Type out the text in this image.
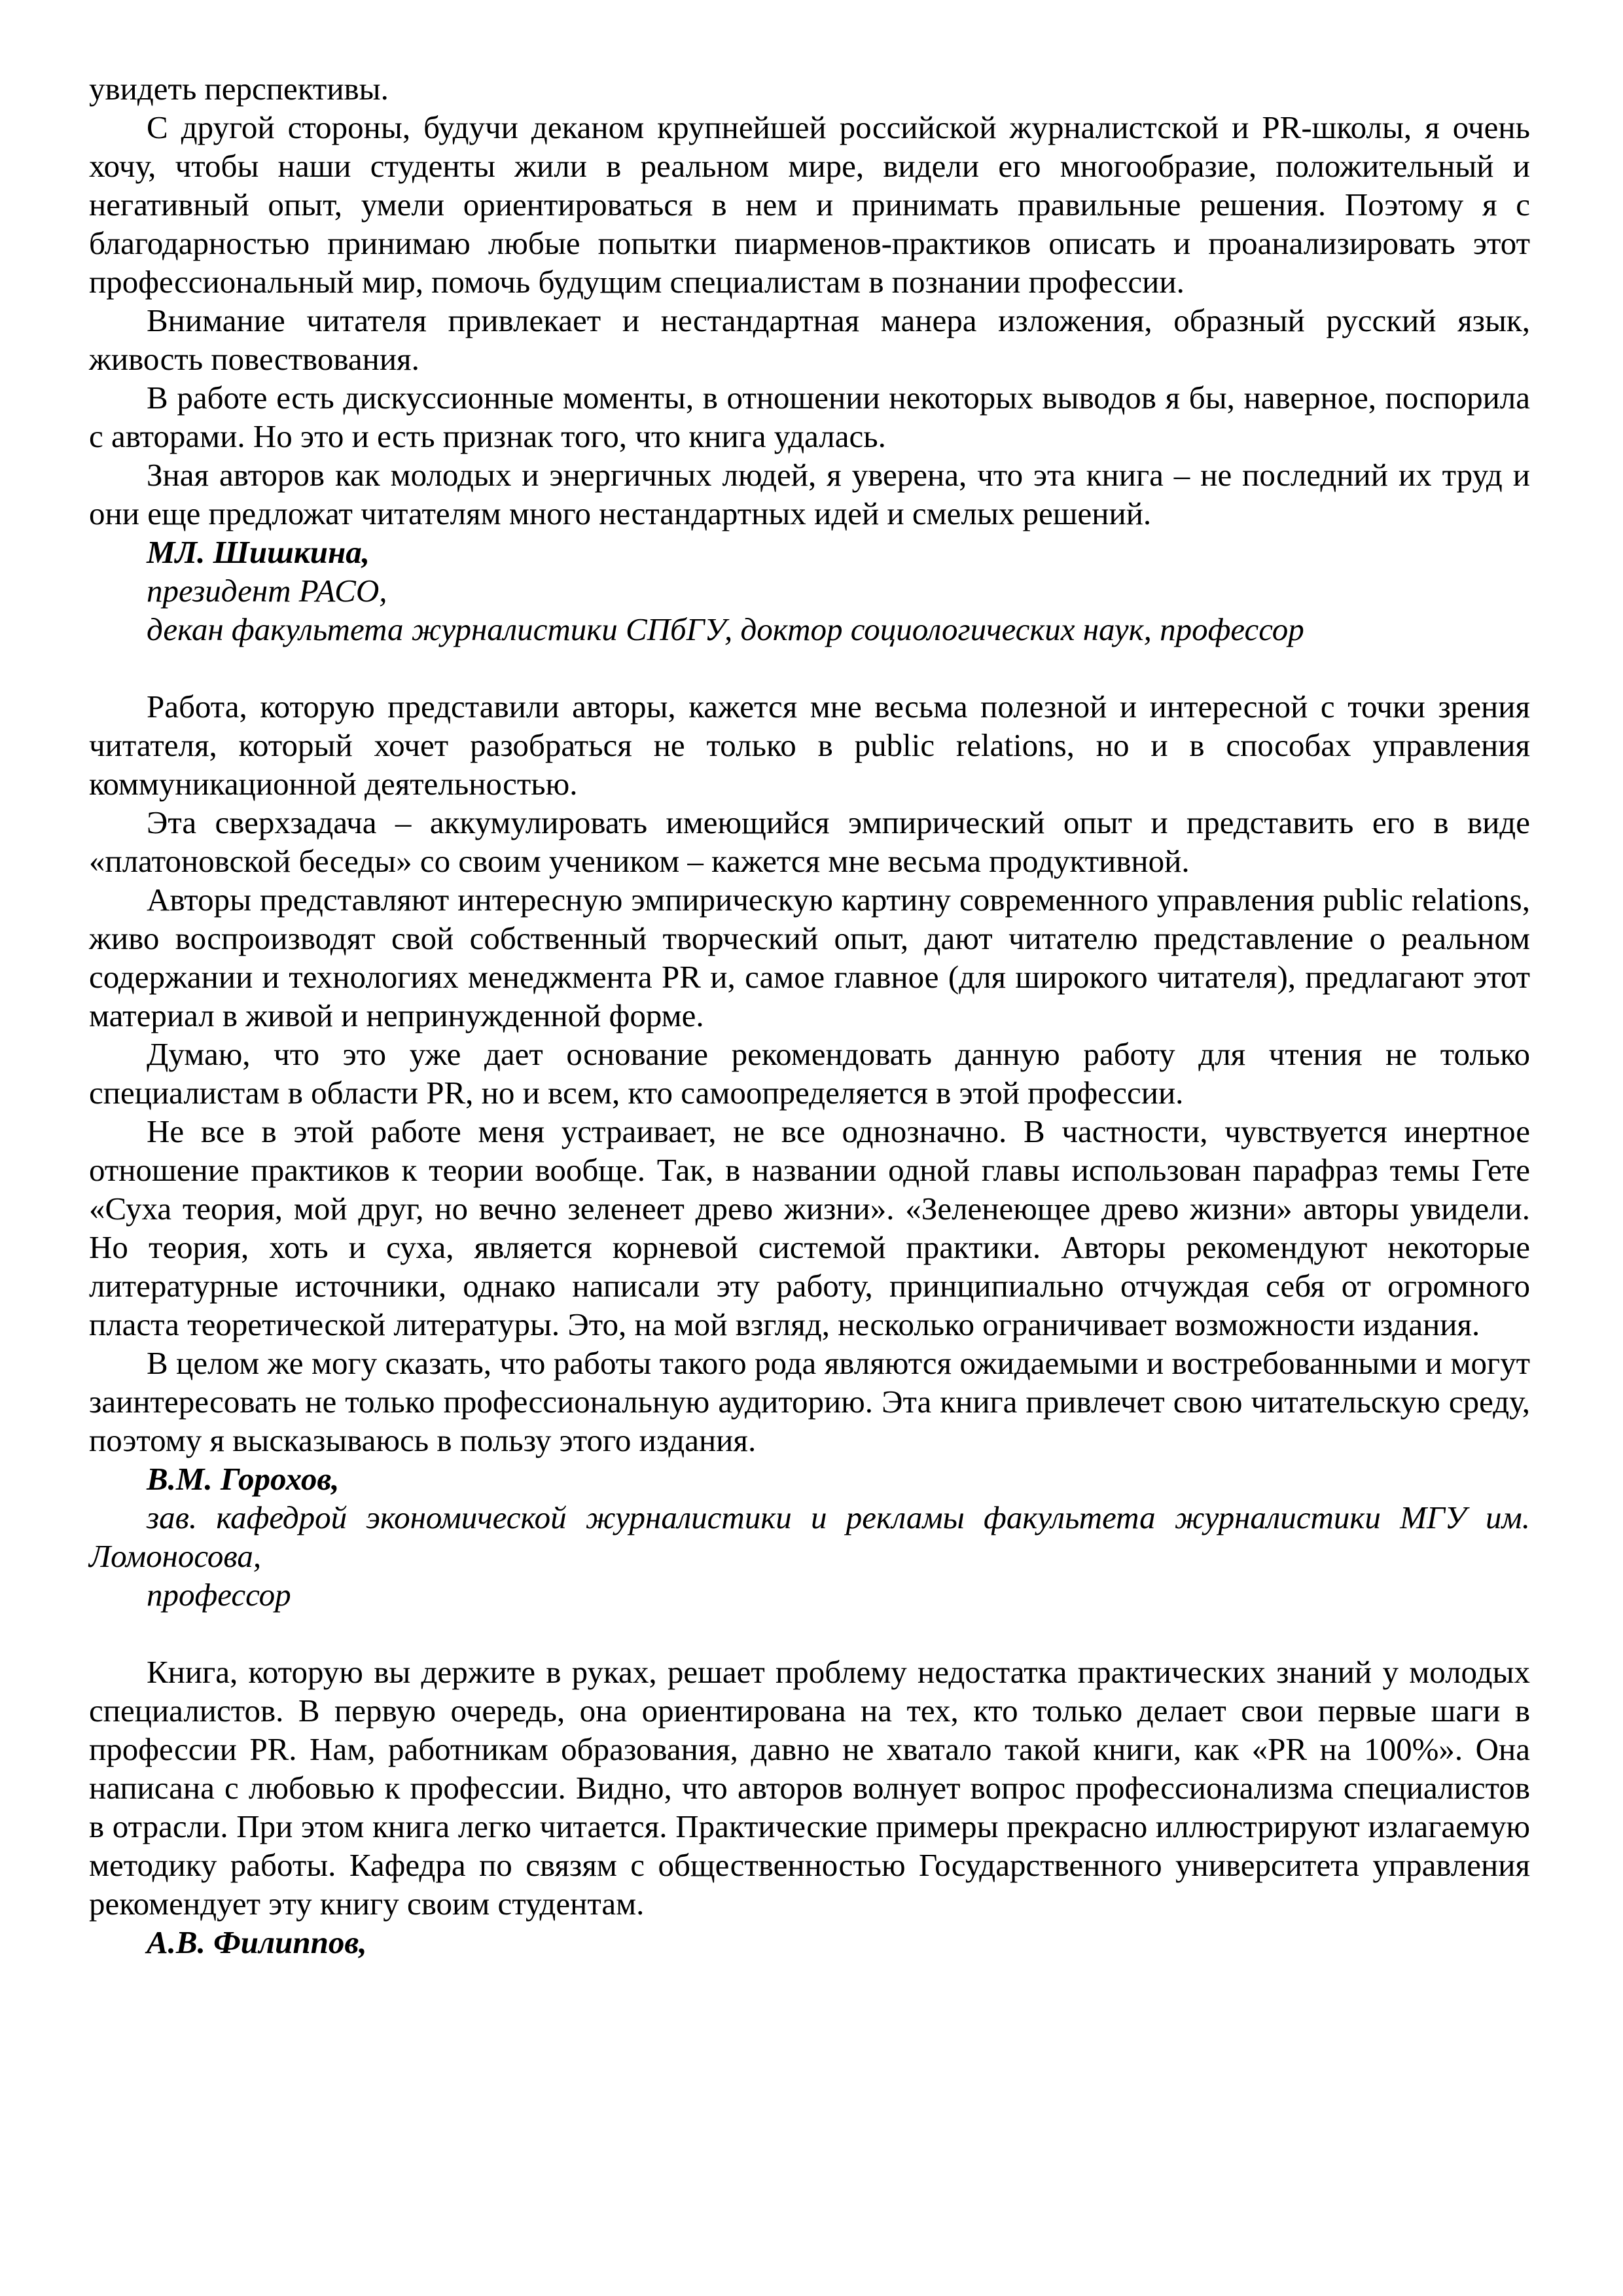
увидеть перспективы.

С другой стороны, будучи деканом крупнейшей российской журналистской и PR-школы, я очень хочу, чтобы наши студенты жили в реальном мире, видели его многообразие, положительный и негативный опыт, умели ориентироваться в нем и принимать правильные решения. Поэтому я с благодарностью принимаю любые попытки пиарменов-практиков описать и проанализировать этот профессиональный мир, помочь будущим специалистам в познании профессии.

Внимание читателя привлекает и нестандартная манера изложения, образный русский язык, живость повествования.

В работе есть дискуссионные моменты, в отношении некоторых выводов я бы, наверное, поспорила с авторами. Но это и есть признак того, что книга удалась.

Зная авторов как молодых и энергичных людей, я уверена, что эта книга – не последний их труд и они еще предложат читателям много нестандартных идей и смелых решений.

МЛ. Шишкина,

президент РАСО,

декан факультета журналистики СПбГУ, доктор социологических наук, профессор

Работа, которую представили авторы, кажется мне весьма полезной и интересной с точки зрения читателя, который хочет разобраться не только в public relations, но и в способах управления коммуникационной деятельностью.

Эта сверхзадача – аккумулировать имеющийся эмпирический опыт и представить его в виде «платоновской беседы» со своим учеником – кажется мне весьма продуктивной.

Авторы представляют интересную эмпирическую картину современного управления public relations, живо воспроизводят свой собственный творческий опыт, дают читателю представление о реальном содержании и технологиях менеджмента PR и, самое главное (для широкого читателя), предлагают этот материал в живой и непринужденной форме.

Думаю, что это уже дает основание рекомендовать данную работу для чтения не только специалистам в области PR, но и всем, кто самоопределяется в этой профессии.

Не все в этой работе меня устраивает, не все однозначно. В частности, чувствуется инертное отношение практиков к теории вообще. Так, в названии одной главы использован парафраз темы Гете «Суха теория, мой друг, но вечно зеленеет древо жизни». «Зеленеющее древо жизни» авторы увидели. Но теория, хоть и суха, является корневой системой практики. Авторы рекомендуют некоторые литературные источники, однако написали эту работу, принципиально отчуждая себя от огромного пласта теоретической литературы. Это, на мой взгляд, несколько ограничивает возможности издания.

В целом же могу сказать, что работы такого рода являются ожидаемыми и востребованными и могут заинтересовать не только профессиональную аудиторию. Эта книга привлечет свою читательскую среду, поэтому я высказываюсь в пользу этого издания.

В.М. Горохов,

зав. кафедрой экономической журналистики и рекламы факультета журналистики МГУ им. Ломоносова,

профессор

Книга, которую вы держите в руках, решает проблему недостатка практических знаний у молодых специалистов. В первую очередь, она ориентирована на тех, кто только делает свои первые шаги в профессии PR. Нам, работникам образования, давно не хватало такой книги, как «PR на 100%». Она написана с любовью к профессии. Видно, что авторов волнует вопрос профессионализма специалистов в отрасли. При этом книга легко читается. Практические примеры прекрасно иллюстрируют излагаемую методику работы. Кафедра по связям с общественностью Государственного университета управления рекомендует эту книгу своим студентам.

А.В. Филиппов,
